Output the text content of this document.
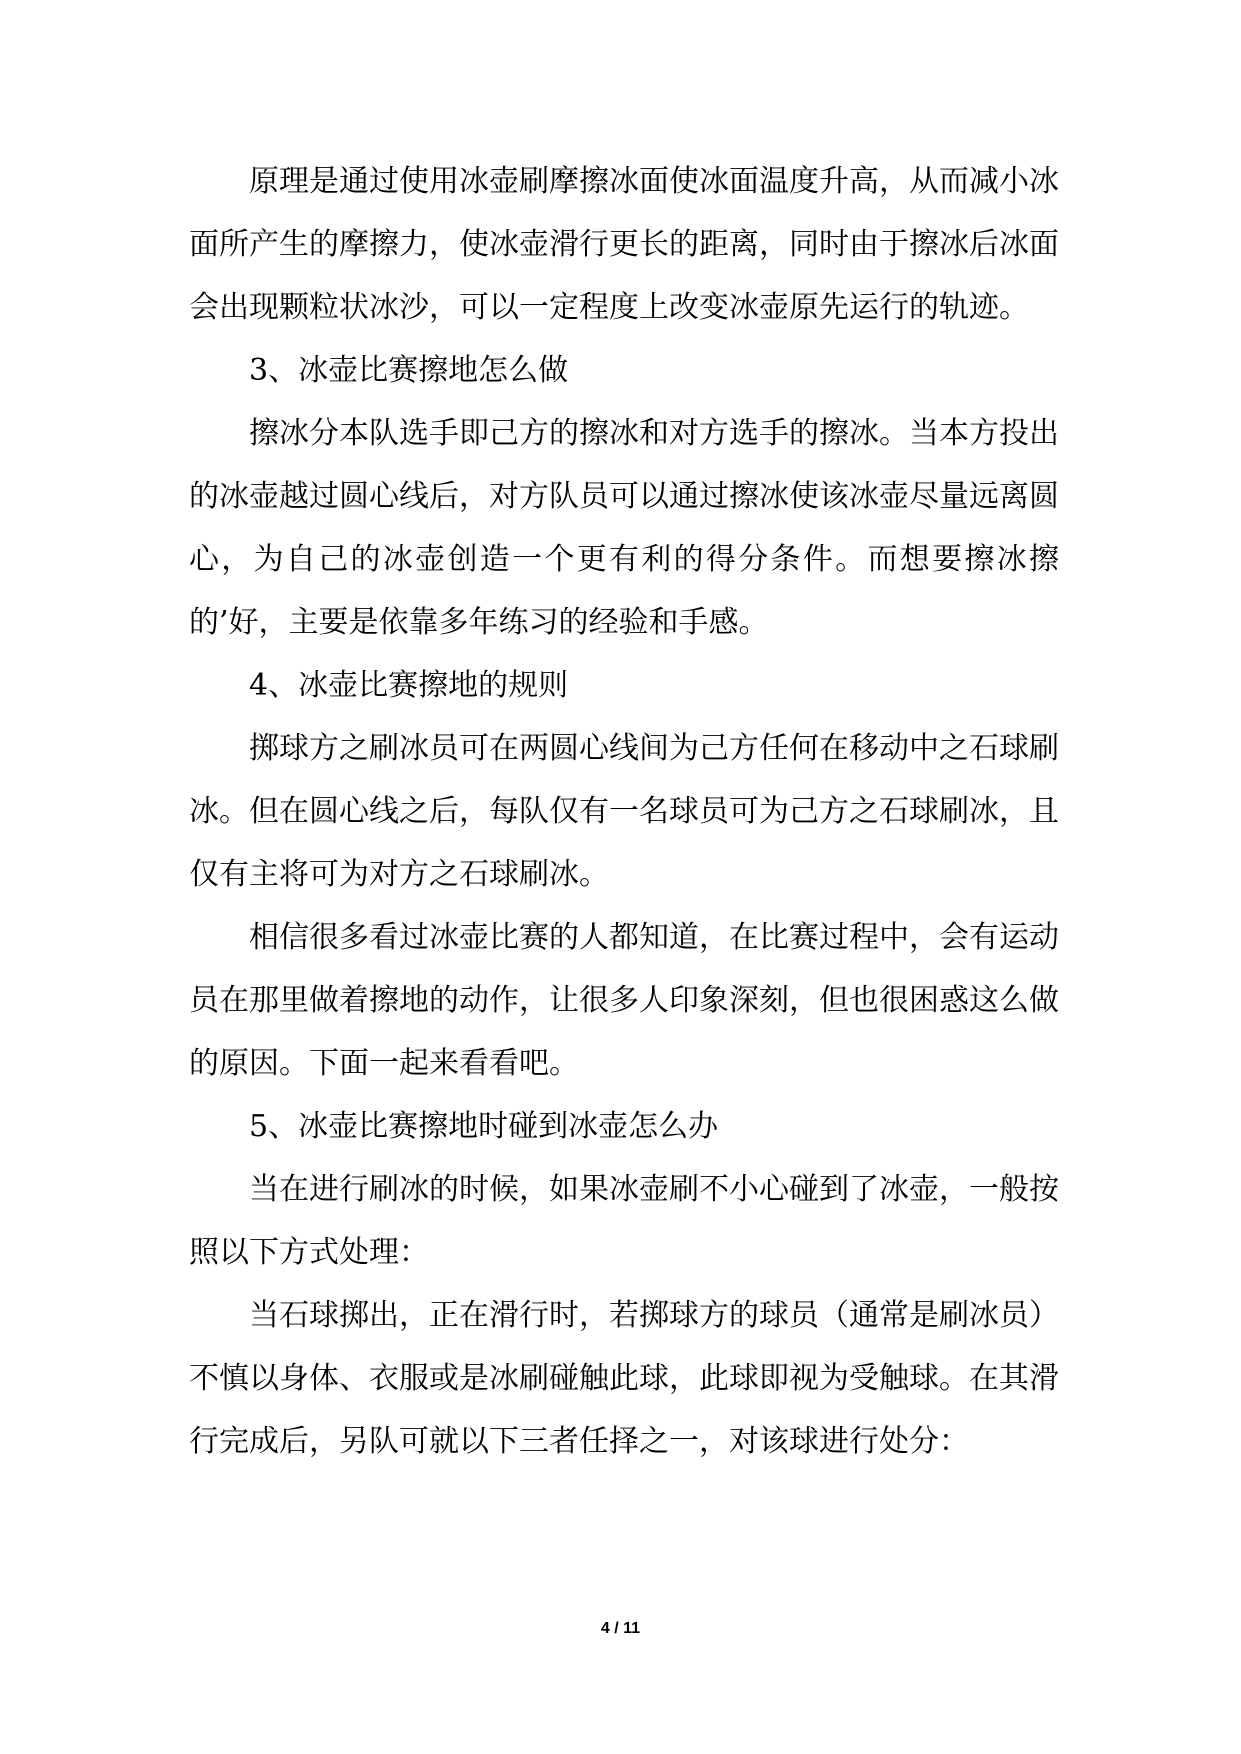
原理是通过使用冰壶刷摩擦冰面使冰面温度升高，从而减小冰面所产生的摩擦力，使冰壶滑行更长的距离，同时由于擦冰后冰面会出现颗粒状冰沙，可以一定程度上改变冰壶原先运行的轨迹。

3、冰壶比赛擦地怎么做

擦冰分本队选手即己方的擦冰和对方选手的擦冰。当本方投出的冰壶越过圆心线后，对方队员可以通过擦冰使该冰壶尽量远离圆心，为自己的冰壶创造一个更有利的得分条件。而想要擦冰擦的’好，主要是依靠多年练习的经验和手感。

4、冰壶比赛擦地的规则

掷球方之刷冰员可在两圆心线间为己方任何在移动中之石球刷冰。但在圆心线之后，每队仅有一名球员可为己方之石球刷冰，且仅有主将可为对方之石球刷冰。

相信很多看过冰壶比赛的人都知道，在比赛过程中，会有运动员在那里做着擦地的动作，让很多人印象深刻，但也很困惑这么做的原因。下面一起来看看吧。

5、冰壶比赛擦地时碰到冰壶怎么办

当在进行刷冰的时候，如果冰壶刷不小心碰到了冰壶，一般按照以下方式处理：

当石球掷出，正在滑行时，若掷球方的球员（通常是刷冰员）不慎以身体、衣服或是冰刷碰触此球，此球即视为受触球。在其滑行完成后，另队可就以下三者任择之一，对该球进行处分：

4 / 11
